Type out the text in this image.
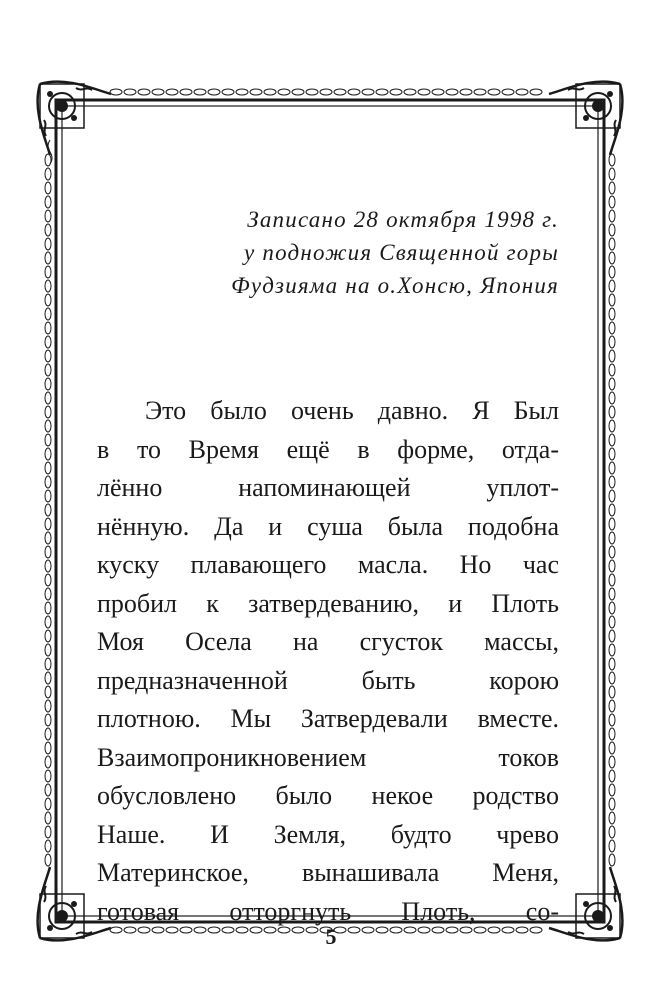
Записано 28 октября 1998 г.
у подножия Священной горы
Фудзияма на о.Хонсю, Япония
Это было очень давно. Я Был
в то Время ещё в форме, отда-
лённо напоминающей уплот-
нённую. Да и суша была подобна
куску плавающего масла. Но час
пробил к затвердеванию, и Плоть
Моя Осела на сгусток массы,
предназначенной быть корою
плотною. Мы Затвердевали вместе.
Взаимопроникновением токов
обусловлено было некое родство
Наше. И Земля, будто чрево
Материнское, вынашивала Меня,
готовая отторгнуть Плоть, со-
5
